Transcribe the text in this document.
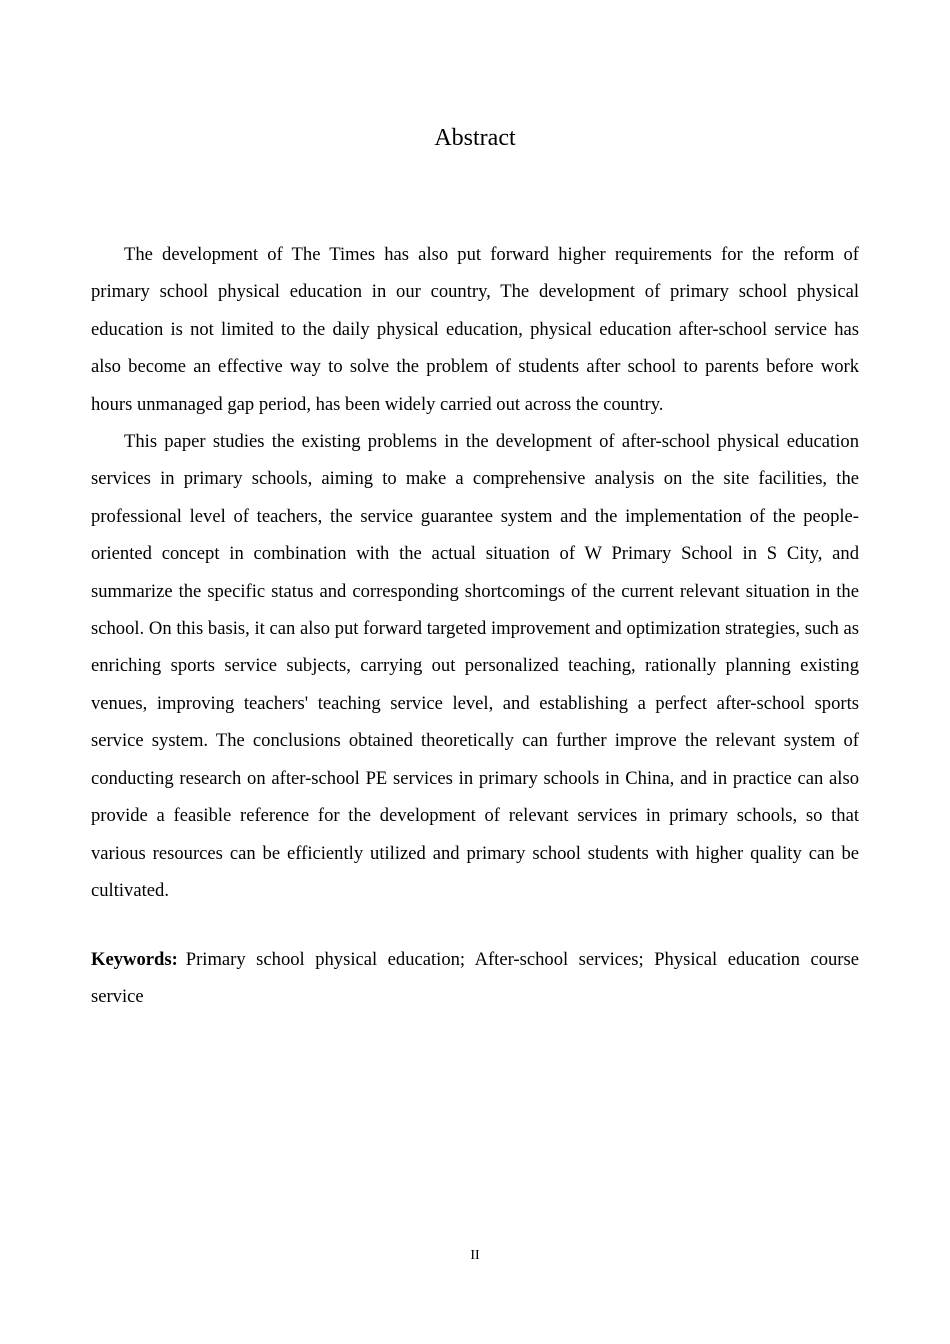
Abstract

The development of The Times has also put forward higher requirements for the reform of primary school physical education in our country, The development of primary school physical education is not limited to the daily physical education, physical education after-school service has also become an effective way to solve the problem of students after school to parents before work hours unmanaged gap period, has been widely carried out across the country.

This paper studies the existing problems in the development of after-school physical education services in primary schools, aiming to make a comprehensive analysis on the site facilities, the professional level of teachers, the service guarantee system and the implementation of the people-oriented concept in combination with the actual situation of W Primary School in S City, and summarize the specific status and corresponding shortcomings of the current relevant situation in the school. On this basis, it can also put forward targeted improvement and optimization strategies, such as enriching sports service subjects, carrying out personalized teaching, rationally planning existing venues, improving teachers' teaching service level, and establishing a perfect after-school sports service system. The conclusions obtained theoretically can further improve the relevant system of conducting research on after-school PE services in primary schools in China, and in practice can also provide a feasible reference for the development of relevant services in primary schools, so that various resources can be efficiently utilized and primary school students with higher quality can be cultivated.

Keywords: Primary school physical education; After-school services; Physical education course service

II
